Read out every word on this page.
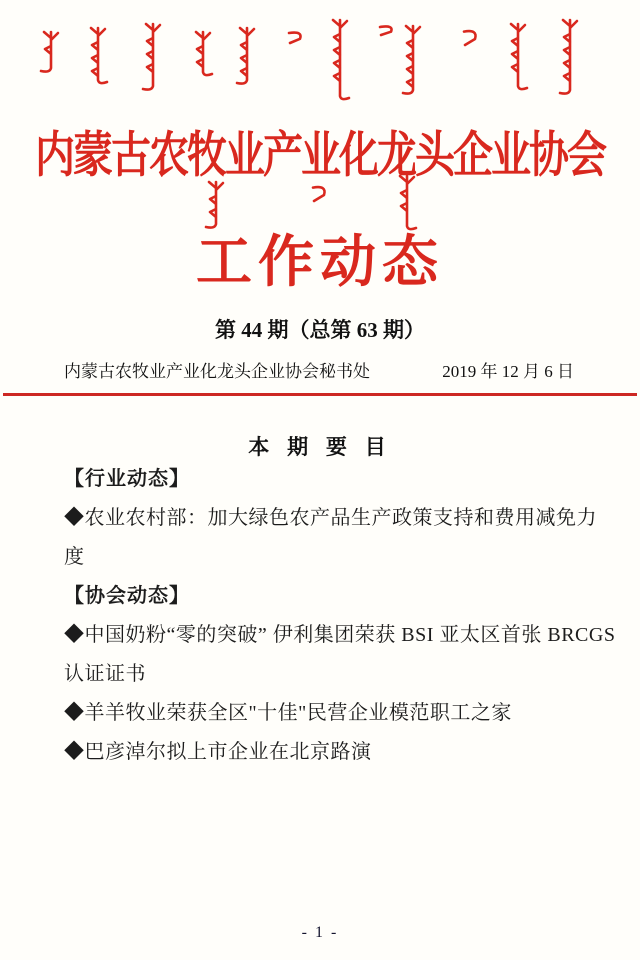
内蒙古农牧业产业化龙头企业协会
工作动态
第 44 期（总第 63 期）
内蒙古农牧业产业化龙头企业协会秘书处	2019 年 12 月 6 日
本 期 要 目
【行业动态】
◆农业农村部：加大绿色农产品生产政策支持和费用减免力
度
【协会动态】
◆中国奶粉“零的突破” 伊利集团荣获 BSI 亚太区首张 BRCGS
认证证书
◆羊羊牧业荣获全区"十佳"民营企业模范职工之家
◆巴彦淖尔拟上市企业在北京路演
- 1 -
